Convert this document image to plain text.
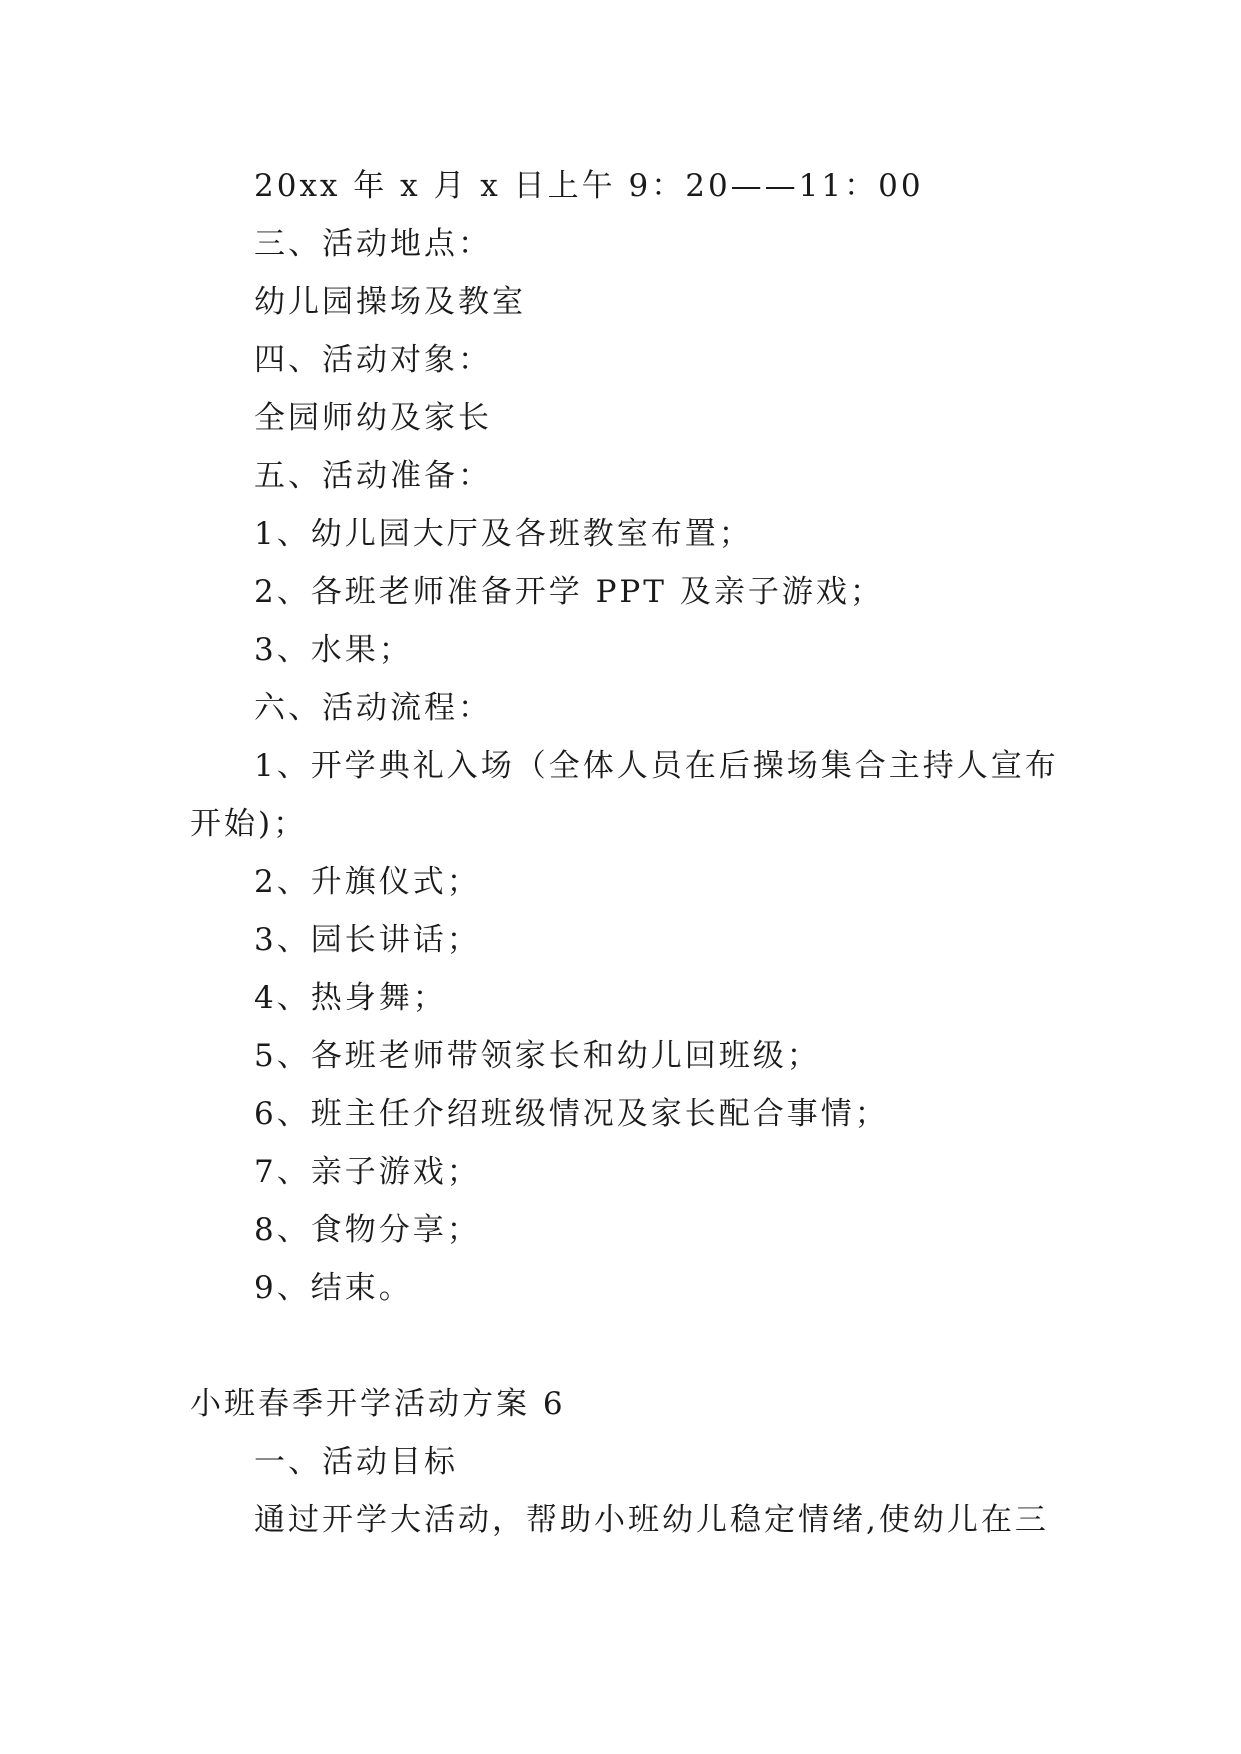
20xx 年 x 月 x 日上午 9：20——11：00
三、活动地点：
幼儿园操场及教室
四、活动对象：
全园师幼及家长
五、活动准备：
1、幼儿园大厅及各班教室布置；
2、各班老师准备开学 PPT 及亲子游戏；
3、水果；
六、活动流程：
1、开学典礼入场（全体人员在后操场集合主持人宣布
开始)；
2、升旗仪式；
3、园长讲话；
4、热身舞；
5、各班老师带领家长和幼儿回班级；
6、班主任介绍班级情况及家长配合事情；
7、亲子游戏；
8、食物分享；
9、结束。
小班春季开学活动方案 6
一、活动目标
通过开学大活动，帮助小班幼儿稳定情绪,使幼儿在三
